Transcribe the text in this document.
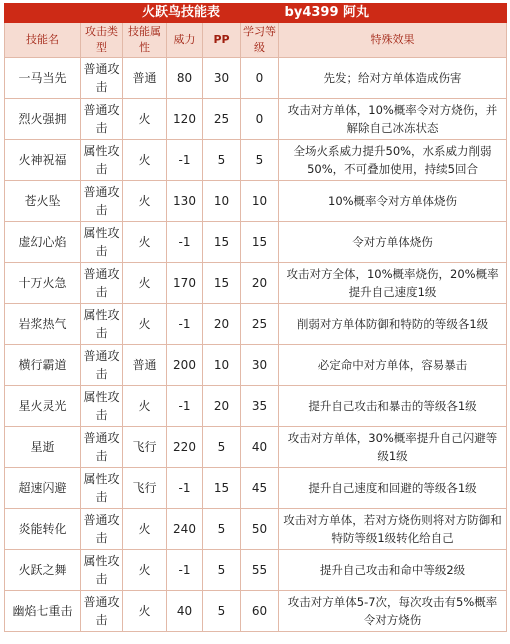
火跃鸟技能表 by4399 阿丸						
技能名	攻击类型	技能属性	威力	PP	学习等级	特殊效果
一马当先	普通攻击	普通	80	30	0	先发；给对方单体造成伤害
烈火强拥	普通攻击	火	120	25	0	攻击对方单体，10%概率令对方烧伤，并解除自己冰冻状态
火神祝福	属性攻击	火	-1	5	5	全场火系威力提升50%，水系威力削弱50%，不可叠加使用，持续5回合
苍火坠	普通攻击	火	130	10	10	10%概率令对方单体烧伤
虚幻心焰	属性攻击	火	-1	15	15	令对方单体烧伤
十万火急	普通攻击	火	170	15	20	攻击对方全体，10%概率烧伤，20%概率提升自己速度1级
岩浆热气	属性攻击	火	-1	20	25	削弱对方单体防御和特防的等级各1级
横行霸道	普通攻击	普通	200	10	30	必定命中对方单体，容易暴击
星火灵光	属性攻击	火	-1	20	35	提升自己攻击和暴击的等级各1级
星逝	普通攻击	飞行	220	5	40	攻击对方单体，30%概率提升自己闪避等级1级
超速闪避	属性攻击	飞行	-1	15	45	提升自己速度和回避的等级各1级
炎能转化	普通攻击	火	240	5	50	攻击对方单体，若对方烧伤则将对方防御和特防等级1级转化给自己
火跃之舞	属性攻击	火	-1	5	55	提升自己攻击和命中等级2级
幽焰七重击	普通攻击	火	40	5	60	攻击对方单体5-7次，每次攻击有5%概率令对方烧伤
